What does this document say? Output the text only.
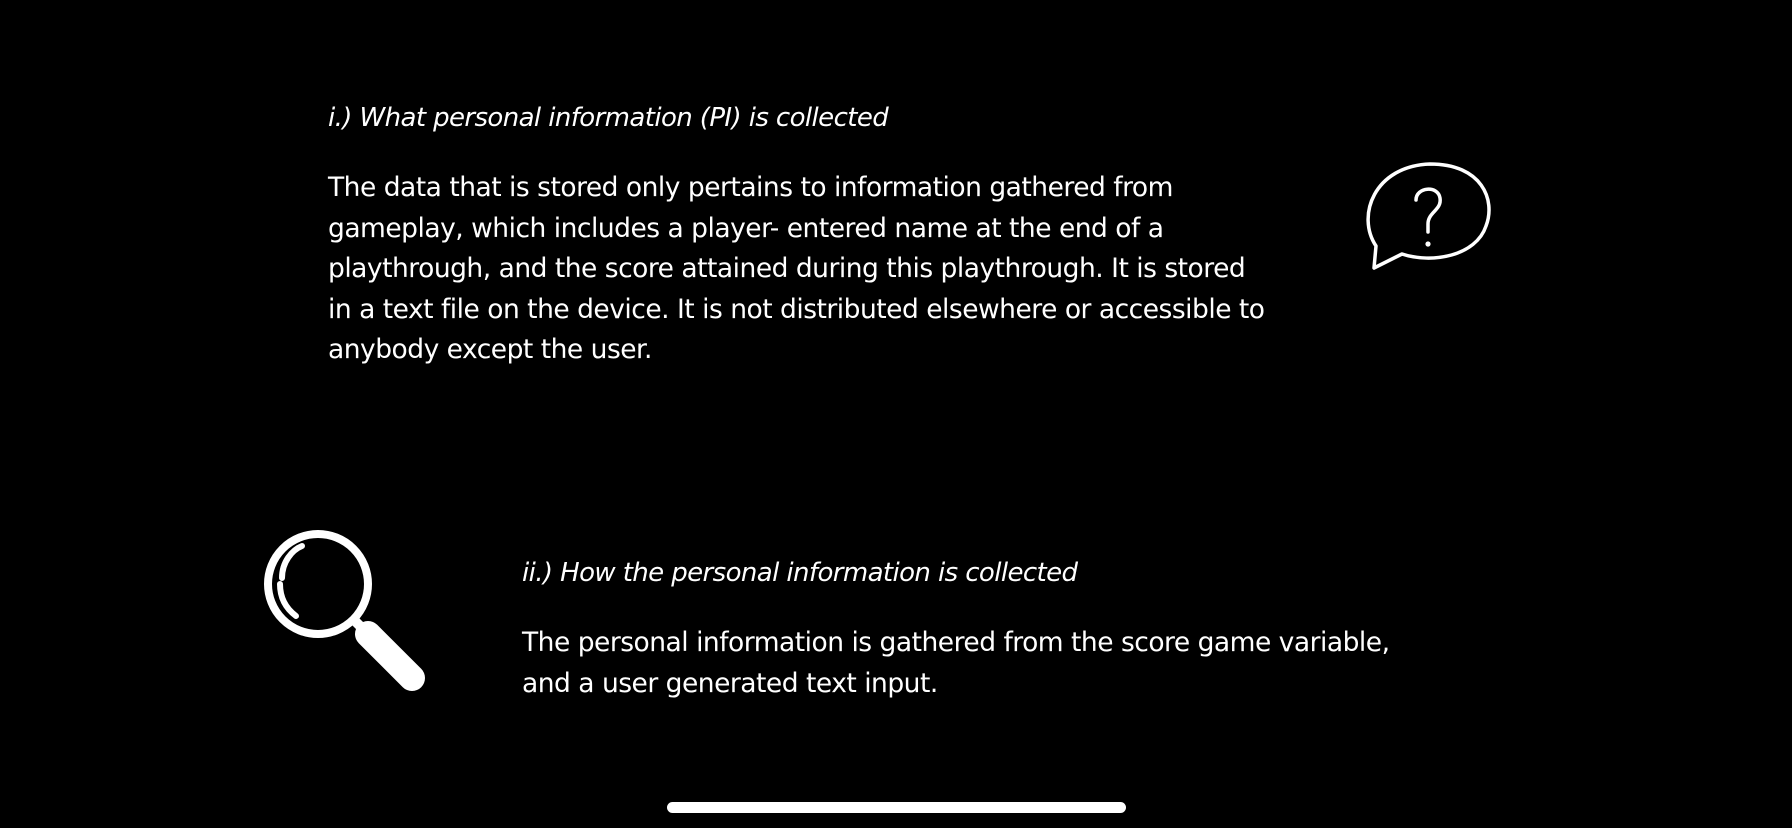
i.) What personal information (PI) is collected

The data that is stored only pertains to information gathered from gameplay, which includes a player- entered name at the end of a playthrough, and the score attained during this playthrough. It is stored in a text file on the device. It is not distributed elsewhere or accessible to anybody except the user.

ii.) How the personal information is collected

The personal information is gathered from the score game variable, and a user generated text input.
